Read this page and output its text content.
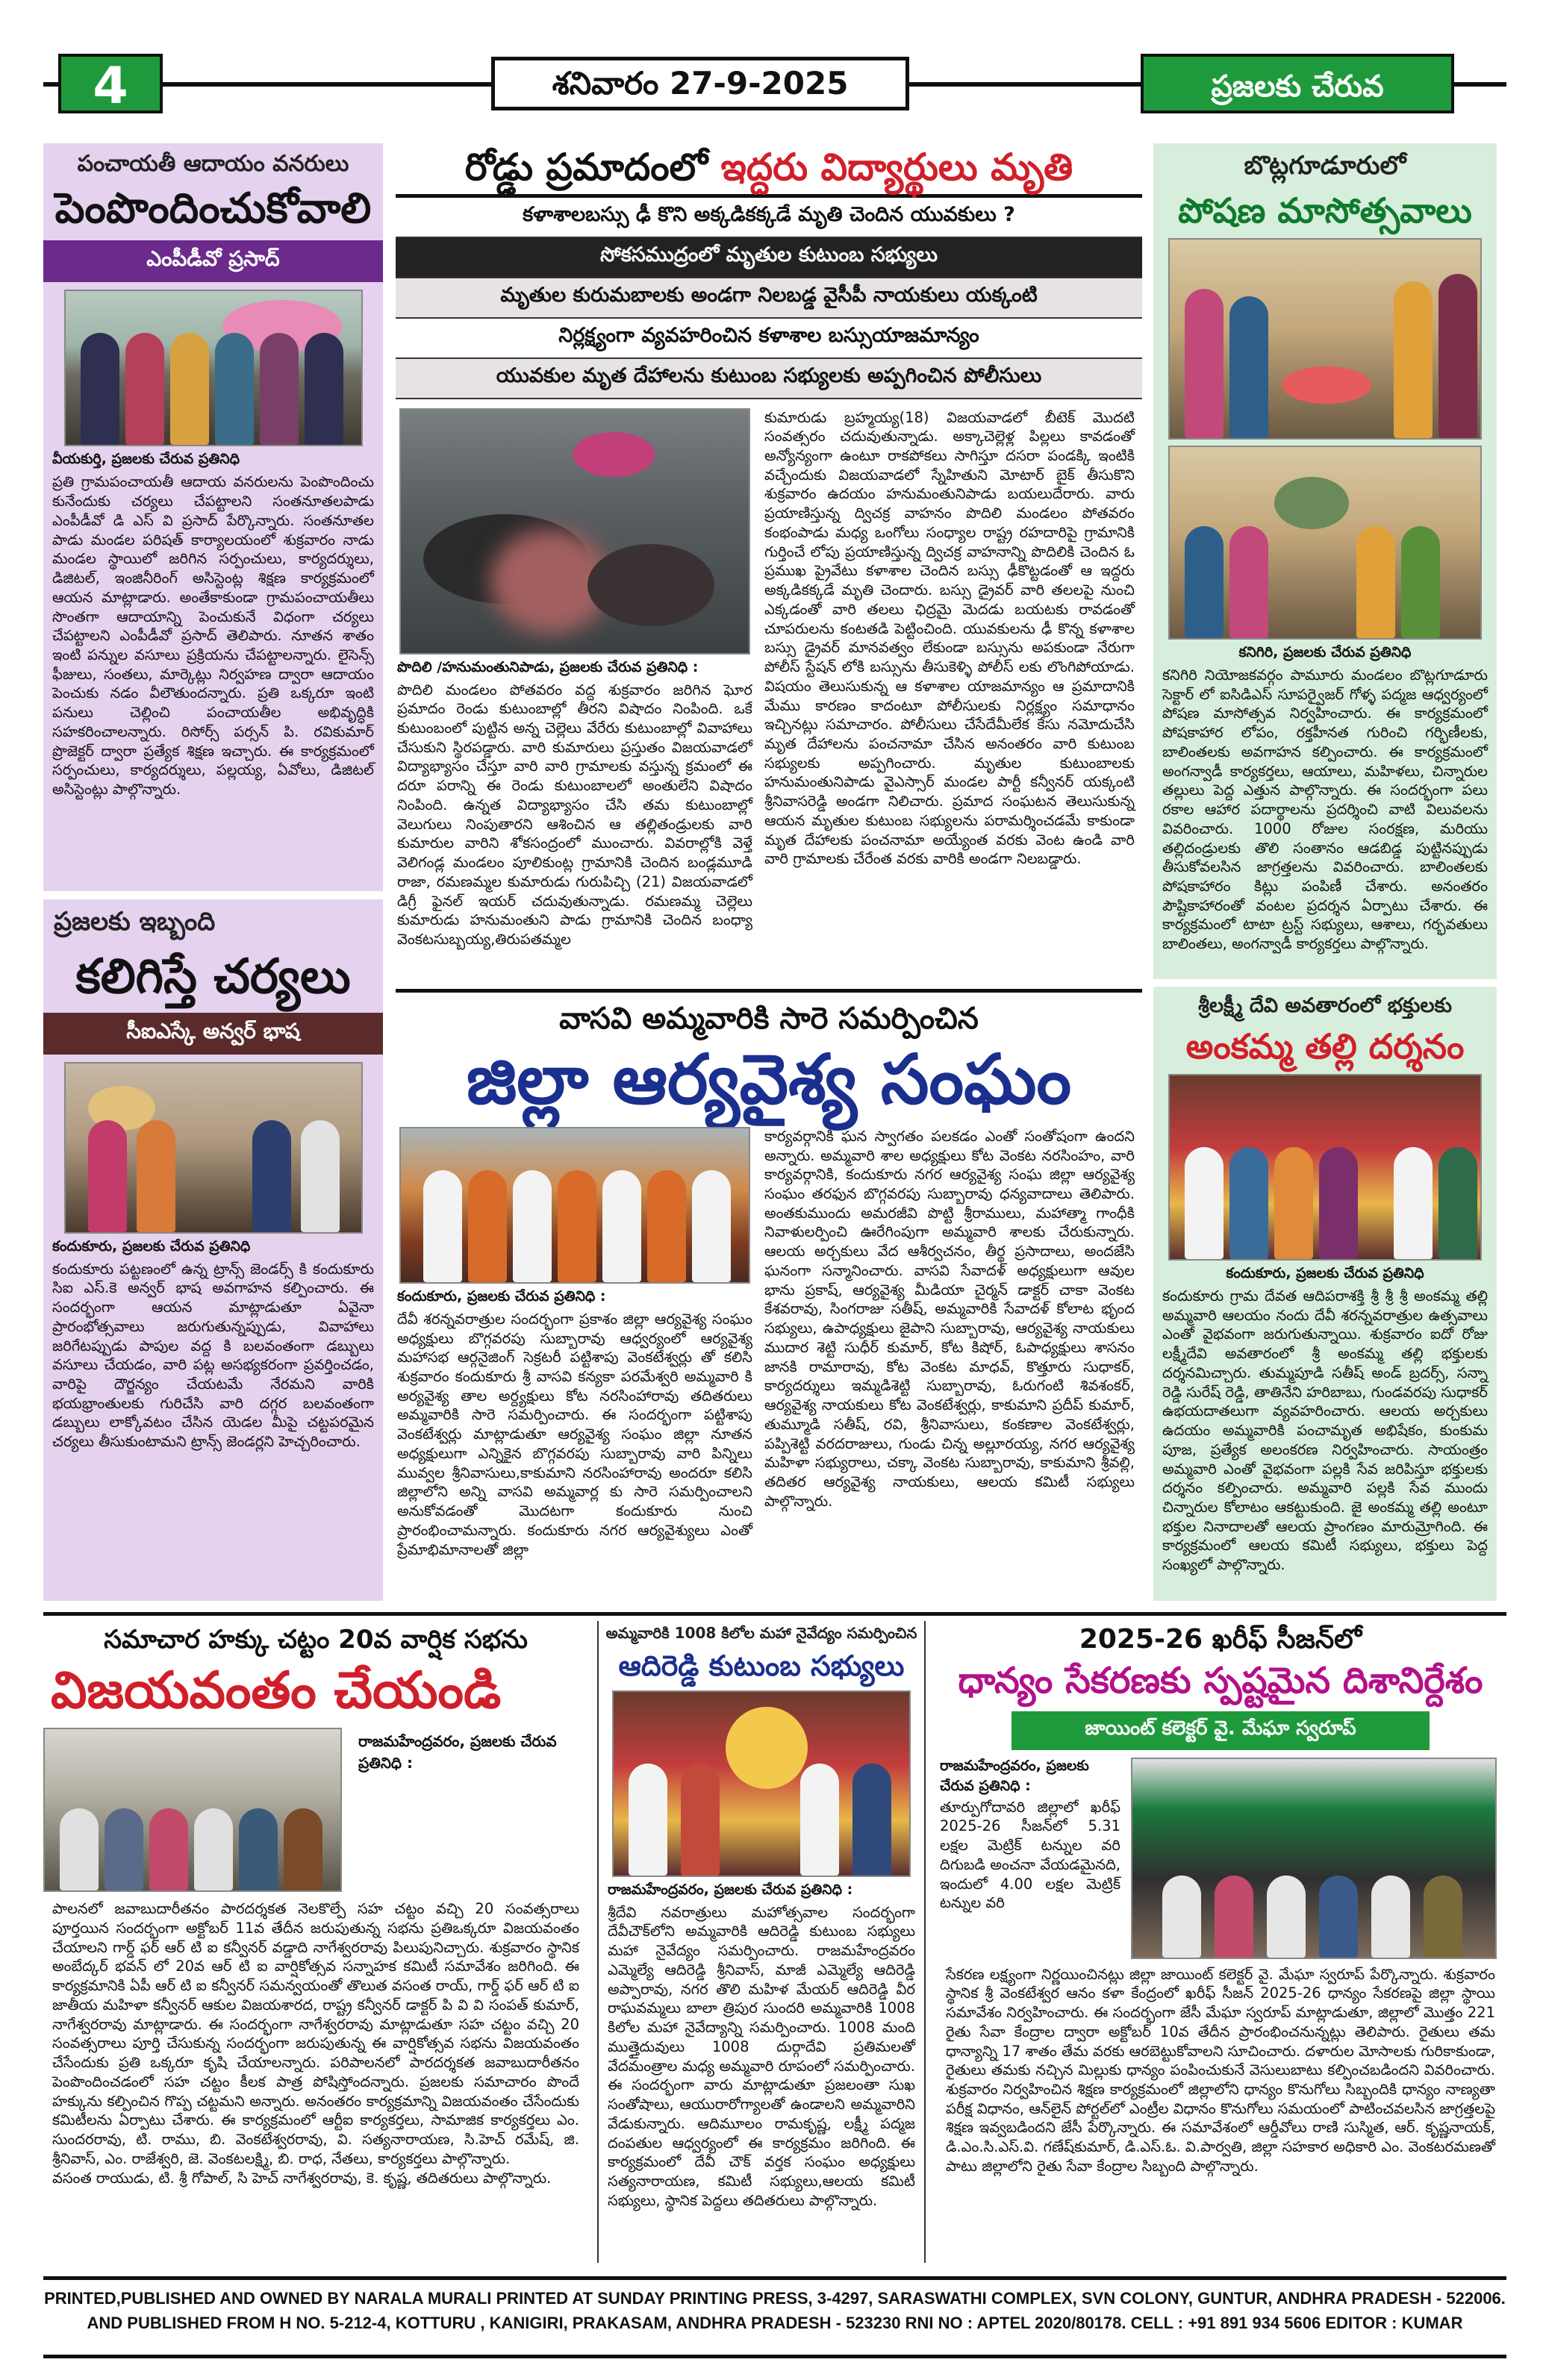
4	శనివారం 27-9-2025	ప్రజలకు చేరువ
పంచాయతీ ఆదాయం వనరులు
పెంపొందించుకోవాలి
ఎంపీడీవో ప్రసాద్
వీయకుర్తి, ప్రజలకు చేరువ ప్రతినిధి
ప్రతి గ్రామపంచాయతీ ఆదాయ వనరులను పెంపొందించు కునేందుకు చర్యలు చేపట్టాలని సంతనూతలపాడు ఎంపీడీవో డి ఎస్ వి ప్రసాద్ పేర్కొన్నారు. సంతనూతల పాడు మండల పరిషత్ కార్యాలయంలో శుక్రవారం నాడు మండల స్థాయిలో జరిగిన సర్పంచులు, కార్యదర్శులు, డిజిటల్, ఇంజినీరింగ్ అసిస్టెంట్ల శిక్షణ కార్యక్రమంలో ఆయన మాట్లాడారు. అంతేకాకుండా గ్రామపంచాయతీలు సొంతగా ఆదాయాన్ని పెంచుకునే విధంగా చర్యలు చేపట్టాలని ఎంపీడీవో ప్రసాద్ తెలిపారు. నూతన శాతం ఇంటి పన్నుల వసూలు ప్రక్రియను చేపట్టాలన్నారు. లైసెన్స్ ఫీజులు, సంతలు, మార్కెట్లు నిర్వహణ ద్వారా ఆదాయం పెంచుకు నడం వీలౌతుందన్నారు. ప్రతి ఒక్కరూ ఇంటి పనులు చెల్లించి పంచాయతీల అభివృద్ధికి సహకరించాలన్నారు. రిసోర్స్ పర్సన్ పి. రవికుమార్ ప్రొజెక్టర్ ద్వారా ప్రత్యేక శిక్షణ ఇచ్చారు. ఈ కార్యక్రమంలో సర్పంచులు, కార్యదర్శులు, పల్లయ్య, ఏవోలు, డిజిటల్ అసిస్టెంట్లు పాల్గొన్నారు.
ప్రజలకు ఇబ్బంది
కలిగిస్తే చర్యలు
సీఐఎస్కే అన్వర్ భాష
కందుకూరు, ప్రజలకు చేరువ ప్రతినిధి
కందుకూరు పట్టణంలో ఉన్న ట్రాన్స్ జెండర్స్ కి కందుకూరు సిఐ ఎస్.కె అన్వర్ భాష అవగాహన కల్పించారు. ఈ సందర్భంగా ఆయన మాట్లాడుతూ ఏవైనా ప్రారంభోత్సవాలు జరుగుతున్నప్పుడు, వివాహాలు జరిగేటప్పుడు పాపుల వద్ద కి బలవంతంగా డబ్బులు వసూలు చేయడం, వారి పట్ల అసభ్యకరంగా ప్రవర్తించడం, వారిపై దౌర్జన్యం చేయటమే నేరమని వారికి భయభ్రాంతులకు గురిచేసి వారి దగ్గర బలవంతంగా డబ్బులు లాక్కోవటం చేసిన యెడల మీపై చట్టపరమైన చర్యలు తీసుకుంటామని ట్రాన్స్ జెండర్లని హెచ్చరించారు.
రోడ్డు ప్రమాదంలో ఇద్దరు విద్యార్థులు మృతి
కళాశాలబస్సు ఢీ కొని అక్కడికక్కడే మృతి చెందిన యువకులు ?
సోకసముద్రంలో మృతుల కుటుంబ సభ్యులు
మృతుల కురుమబాలకు అండగా నిలబడ్డ వైసీపీ నాయకులు యక్కంటి
నిర్లక్ష్యంగా వ్యవహరించిన కళాశాల బస్సుయాజమాన్యం
యువకుల మృత దేహాలను కుటుంబ సభ్యులకు అప్పగించిన పోలీసులు
పొదిలి /హనుమంతునిపాడు, ప్రజలకు చేరువ ప్రతినిధి :
పొదిలి మండలం పోతవరం వద్ద శుక్రవారం జరిగిన ఘోర ప్రమాదం రెండు కుటుంబాల్లో తీరని విషాదం నింపింది. ఒకే కుటుంబంలో పుట్టిన అన్న చెల్లెలు వేరేరు కుటుంబాల్లో వివాహాలు చేసుకుని స్థిరపడ్డారు. వారి కుమారులు ప్రస్తుతం విజయవాడలో విద్యాభ్యాసం చేస్తూ వారి వారి గ్రామాలకు వస్తున్న క్రమంలో ఈ దరూ పరాన్ని ఈ రెండు కుటుంబాలలో అంతులేని విషాదం నింపింది. ఉన్నత విద్యాభ్యాసం చేసి తమ కుటుంబాల్లో వెలుగులు నింపుతారని ఆశించిన ఆ తల్లితండ్రులకు వారి కుమారుల వారిని శోకసంద్రంలో ముంచారు. వివరాల్లోకి వెళ్తే వెలిగండ్ల మండలం పూలికుంట్ల గ్రామానికి చెందిన బండ్లమూడి రాజా, రమణమ్మల కుమారుడు గురుపిచ్చి (21) విజయవాడలో డిగ్రీ ఫైనల్ ఇయర్ చదువుతున్నాడు. రమణమ్మ చెల్లెలు కుమారుడు హనుమంతుని పాడు గ్రామానికి చెందిన బంధ్యా వెంకటసుబ్బయ్య,తిరుపతమ్మల
కుమారుడు బ్రహ్మయ్య(18) విజయవాడలో బీటెక్ మొదటి సంవత్సరం చదువుతున్నాడు. అక్కాచెల్లెళ్ల పిల్లలు కావడంతో అన్యోన్యంగా ఉంటూ రాకపోకలు సాగిస్తూ దసరా పండక్కి ఇంటికి వచ్చేందుకు విజయవాడలో స్నేహితుని మోటార్ బైక్ తీసుకొని శుక్రవారం ఉదయం హనుమంతునిపాడు బయలుదేరారు. వారు ప్రయాణిస్తున్న ద్విచక్ర వాహనం పొదిలి మండలం పోతవరం కంభంపాడు మధ్య ఒంగోలు సంధ్యాల రాష్ట్ర రహదారిపై గ్రామానికి గుర్తించే లోపు ప్రయాణిస్తున్న ద్విచక్ర వాహనాన్ని పొదిలికి చెందిన ఓ ప్రముఖ ప్రైవేటు కళాశాల చెందిన బస్సు ఢీకొట్టడంతో ఆ ఇద్దరు అక్కడికక్కడే మృతి చెందారు. బస్సు డ్రైవర్ వారి తలలపై నుంచి ఎక్కడంతో వారి తలలు ఛిద్రమై మెదడు బయటకు రావడంతో చూపరులను కంటతడి పెట్టించింది. యువకులను ఢీ కొన్న కళాశాల బస్సు డ్రైవర్ మానవత్వం లేకుండా బస్సును అపకుండా నేరుగా పోలీస్ స్టేషన్ లోకి బస్సును తీసుకెళ్ళి పోలీస్ లకు లొంగిపోయాడు. విషయం తెలుసుకున్న ఆ కళాశాల యాజమాన్యం ఆ ప్రమాదానికి మేము కారణం కాదంటూ పోలీసులకు నిర్లక్ష్యం సమాధానం ఇచ్చినట్లు సమాచారం. పోలీసులు చేసేదేమీలేక కేసు నమోదుచేసి మృత దేహాలను పంచనామా చేసిన అనంతరం వారి కుటుంబ సభ్యులకు అప్పగించారు. మృతుల కుటుంబాలకు హనుమంతునిపాడు వైఎస్సార్ మండల పార్టీ కన్వీనర్ యక్కంటి శ్రీనివాసరెడ్డి అండగా నిలిచారు. ప్రమాద సంఘటన తెలుసుకున్న ఆయన మృతుల కుటుంబ సభ్యులను పరామర్శించడమే కాకుండా మృత దేహాలకు పంచనామా అయ్యేంత వరకు వెంట ఉండి వారి వారి గ్రామాలకు చేరేంత వరకు వారికి అండగా నిలబడ్డారు.
వాసవి అమ్మవారికి సారె సమర్పించిన
జిల్లా ఆర్యవైశ్య సంఘం
కందుకూరు, ప్రజలకు చేరువ ప్రతినిధి :
దేవీ శరన్నవరాత్రుల సందర్భంగా ప్రకాశం జిల్లా ఆర్యవైశ్య సంఘం అధ్యక్షులు బొగ్గవరపు సుబ్బారావు ఆధ్వర్యంలో ఆర్యవైశ్య మహాసభ ఆర్గనైజింగ్ సెక్రటరీ పట్టిశాపు వెంకటేశ్వర్లు తో కలిసి శుక్రవారం కందుకూరు శ్రీ వాసవి కన్యకా పరమేశ్వరి అమ్మవారి కి అర్యవైశ్య తాల అర్ద్యక్షులు కోట నరసింహారావు తదితరులు అమ్మవారికి సారె సమర్పించారు. ఈ సందర్భంగా పట్టిశాపు వెంకటేశ్వర్లు మాట్లాడుతూ ఆర్యవైశ్య సంఘం జిల్లా నూతన అధ్యక్షులుగా ఎన్నికైన బొగ్గవరపు సుబ్బారావు వారి పిన్నిలు మువ్వల శ్రీనివాసులు,కాకుమాని నరసింహారావు అందరూ కలిసి జిల్లాలోని అన్ని వాసవి అమ్మవార్ల కు సారె సమర్పించాలని అనుకోవడంతో మొదటగా కందుకూరు నుంచి ప్రారంభించామన్నారు. కందుకూరు నగర ఆర్యవైశ్యులు ఎంతో ప్రేమాభిమానాలతో జిల్లా
కార్యవర్గానికి ఘన స్వాగతం పలకడం ఎంతో సంతోషంగా ఉందని అన్నారు. అమ్మవారి శాల అధ్యక్షులు కోట వెంకట నరసింహం, వారి కార్యవర్గానికి, కందుకూరు నగర ఆర్యవైశ్య సంఘ జిల్లా ఆర్యవైశ్య సంఘం తరఫున బొగ్గవరపు సుబ్బారావు ధన్యవాదాలు తెలిపారు. అంతకుముందు అమరజీవి పొట్టి శ్రీరాములు, మహాత్మా గాంధీకి నివాళులర్పించి ఊరేగింపుగా అమ్మవారి శాలకు చేరుకున్నారు. ఆలయ అర్చకులు వేద ఆశీర్వచనం, తీర్థ ప్రసాదాలు, అందజేసి ఘనంగా సన్మానించారు. వాసవి సేవాదళ్ అధ్యక్షులుగా ఆవుల భాను ప్రకాష్, ఆర్యవైశ్య మీడియా చైర్మన్ డాక్టర్ చాకా వెంకట కేశవరావు, సింగరాజు సతీష్, అమ్మవారికి సేవాదళ్ కోలాట భృంద సభ్యులు, ఉపాధ్యక్షులు జైపాని సుబ్బారావు, ఆర్యవైశ్య నాయకులు ముదార శెట్టి సుధీర్ కుమార్, కోట కిషోర్, ఓపాధ్యక్షులు శాసనం జానకి రామారావు, కోట వెంకట మాధవ్, కొత్తూరు సుధాకర్, కార్యదర్శులు ఇమ్మడిశెట్టి సుబ్బారావు, ఓరుగంటి శివశంకర్, ఆర్యవైశ్య నాయకులు కోట వెంకటేశ్వర్లు, కాకుమాని ప్రదీప్ కుమార్, తుమ్మూడి సతీష్, రవి, శ్రీనివాసులు, కంకణాల వెంకటేశ్వర్లు, పప్పిశెట్టి వరదరాజులు, గుండు చిన్న అల్లూరయ్య, నగర ఆర్యవైశ్య మహిళా సభ్యురాలు, చక్కా వెంకట సుబ్బారావు, కాకుమాని శ్రీవల్లి, తదితర ఆర్యవైశ్య నాయకులు, ఆలయ కమిటీ సభ్యులు పాల్గొన్నారు.
బొట్లగూడూరులో
పోషణ మాసోత్సవాలు
కనిగిరి, ప్రజలకు చేరువ ప్రతినిధి
కనిగిరి నియోజకవర్గం పామూరు మండలం బొట్లగూడూరు సెక్టార్ లో ఐసిడిఎస్ సూపర్వైజర్ గోళ్ళ పద్మజ ఆధ్వర్యంలో పోషణ మాసోత్సవ నిర్వహించారు. ఈ కార్యక్రమంలో పోషకాహార లోపం, రక్తహీనత గురించి గర్భిణీలకు, బాలింతలకు అవగాహన కల్పించారు. ఈ కార్యక్రమంలో అంగన్వాడీ కార్యకర్తలు, ఆయాలు, మహిళలు, చిన్నారుల తల్లులు పెద్ద ఎత్తున పాల్గొన్నారు. ఈ సందర్భంగా పలు రకాల ఆహార పదార్థాలను ప్రదర్శించి వాటి విలువలను వివరించారు. 1000 రోజుల సంరక్షణ, మరియు తల్లిదండ్రులకు తొలి సంతానం ఆడబిడ్డ పుట్టినప్పుడు తీసుకోవలసిన జాగ్రత్తలను వివరించారు. బాలింతలకు పోషకాహారం కిట్లు పంపిణీ చేశారు. అనంతరం పౌష్టికాహారంతో వంటల ప్రదర్శన ఏర్పాటు చేశారు. ఈ కార్యక్రమంలో టాటా ట్రస్ట్ సభ్యులు, ఆశాలు, గర్భవతులు బాలింతలు, అంగన్వాడీ కార్యకర్తలు పాల్గొన్నారు.
శ్రీలక్ష్మీ దేవి అవతారంలో భక్తులకు
అంకమ్మ తల్లి దర్శనం
కందుకూరు, ప్రజలకు చేరువ ప్రతినిధి
కందుకూరు గ్రామ దేవత ఆదిపరాశక్తి శ్రీ శ్రీ శ్రీ అంకమ్మ తల్లి అమ్మవారి ఆలయం నందు దేవీ శరన్నవరాత్రుల ఉత్సవాలు ఎంతో వైభవంగా జరుగుతున్నాయి. శుక్రవారం ఐదో రోజు లక్ష్మీదేవి అవతారంలో శ్రీ అంకమ్మ తల్లి భక్తులకు దర్శనమిచ్చారు. తుమ్మపూడి సతీష్ అండ్ బ్రదర్స్, సన్నా రెడ్డి సురేష్ రెడ్డి, తాతినేని హరిబాబు, గుండవరపు సుధాకర్ ఉభయదాతలుగా వ్యవహరించారు. ఆలయ అర్చకులు ఉదయం అమ్మవారికి పంచామృత అభిషేకం, కుంకుమ పూజ, ప్రత్యేక అలంకరణ నిర్వహించారు. సాయంత్రం అమ్మవారి ఎంతో వైభవంగా పల్లకి సేవ జరిపిస్తూ భక్తులకు దర్శనం కల్పించారు. అమ్మవారి పల్లకి సేవ ముందు చిన్నారుల కోలాటం ఆకట్టుకుంది. జై అంకమ్మ తల్లి అంటూ భక్తుల నినాదాలతో ఆలయ ప్రాంగణం మారుమ్రోగింది. ఈ కార్యక్రమంలో ఆలయ కమిటీ సభ్యులు, భక్తులు పెద్ద సంఖ్యలో పాల్గొన్నారు.
సమాచార హక్కు చట్టం 20వ వార్షిక సభను
విజయవంతం చేయండి
రాజమహేంద్రవరం, ప్రజలకు చేరువ ప్రతినిధి :
పాలనలో జవాబుదారీతనం పారదర్శకత నెలకొల్పే సహ చట్టం వచ్చి 20 సంవత్సరాలు పూర్తయిన సందర్భంగా అక్టోబర్ 11వ తేదీన జరుపుతున్న సభను ప్రతిఒక్కరూ విజయవంతం చేయాలని గార్డ్ ఫర్ ఆర్ టి ఐ కన్వీనర్ వడ్డాది నాగేశ్వరరావు పిలుపునిచ్చారు. శుక్రవారం స్థానిక అంబేద్కర్ భవన్ లో 20వ ఆర్ టి ఐ వార్షికోత్సవ సన్నాహక కమిటీ సమావేశం జరిగింది. ఈ కార్యక్రమానికి ఏపీ ఆర్ టి ఐ కన్వీనర్ సమన్వయంతో తొలుత వసంత రాయ్, గార్డ్ ఫర్ ఆర్ టి ఐ జాతీయ మహిళా కన్వీనర్ ఆకుల విజయశారద, రాష్ట్ర కన్వీనర్ డాక్టర్ పి వి వి సంపత్ కుమార్, నాగేశ్వరరావు మాట్లాడారు. ఈ సందర్భంగా నాగేశ్వరరావు మాట్లాడుతూ సహ చట్టం వచ్చి 20 సంవత్సరాలు పూర్తి చేసుకున్న సందర్భంగా జరుపుతున్న ఈ వార్షికోత్సవ సభను విజయవంతం చేసేందుకు ప్రతి ఒక్కరూ కృషి చేయాలన్నారు. పరిపాలనలో పారదర్శకత జవాబుదారీతనం పెంపొందించడంలో సహ చట్టం కీలక పాత్ర పోషిస్తోందన్నారు. ప్రజలకు సమాచారం పొందే హక్కును కల్పించిన గొప్ప చట్టమని అన్నారు. అనంతరం కార్యక్రమాన్ని విజయవంతం చేసేందుకు కమిటీలను ఏర్పాటు చేశారు. ఈ కార్యక్రమంలో ఆర్టీఐ కార్యకర్తలు, సామాజిక కార్యకర్తలు ఎం. సుందరరావు, టి. రాము, బి. వెంకటేశ్వరరావు, వి. సత్యనారాయణ, సి.హెచ్ రమేష్, జి. శ్రీనివాస్, ఎం. రాజేశ్వరి, జె. వెంకటలక్ష్మి, బి. రాధ, నేతలు, కార్యకర్తలు పాల్గొన్నారు.
వసంత రాయుడు, టి. శ్రీ గోపాల్, సి హెచ్ నాగేశ్వరరావు, కె. కృష్ణ, తదితరులు పాల్గొన్నారు.
అమ్మవారికి 1008 కిలోల మహా నైవేద్యం సమర్పించిన
ఆదిరెడ్డి కుటుంబ సభ్యులు
రాజమహేంద్రవరం, ప్రజలకు చేరువ ప్రతినిధి :
శ్రీదేవి నవరాత్రులు మహోత్సవాల సందర్భంగా దేవీచౌక్‌లోని అమ్మవారికి ఆదిరెడ్డి కుటుంబ సభ్యులు మహా నైవేద్యం సమర్పించారు. రాజమహేంద్రవరం ఎమ్మెల్యే ఆదిరెడ్డి శ్రీనివాస్, మాజీ ఎమ్మెల్యే ఆదిరెడ్డి అప్పారావు, నగర తొలి మహిళ మేయర్ ఆదిరెడ్డి వీర రాఘవమ్మలు బాలా త్రిపుర సుందరి అమ్మవారికి 1008 కిలోల మహా నైవేద్యాన్ని సమర్పించారు. 1008 మంది ముత్తైదువులు 1008 దుర్గాదేవి ప్రతిమలతో వేదమంత్రాల మధ్య అమ్మవారి రూపంలో సమర్పించారు. ఈ సందర్భంగా వారు మాట్లాడుతూ ప్రజలంతా సుఖ సంతోషాలు, ఆయురారోగ్యాలతో ఉండాలని అమ్మవారిని వేడుకున్నారు. ఆదిమూలం రామకృష్ణ, లక్ష్మీ పద్మజ దంపతుల ఆధ్వర్యంలో ఈ కార్యక్రమం జరిగింది. ఈ కార్యక్రమంలో దేవీ చౌక్ వర్తక సంఘం అధ్యక్షులు సత్యనారాయణ, కమిటీ సభ్యులు,ఆలయ కమిటీ సభ్యులు, స్థానిక పెద్దలు తదితరులు పాల్గొన్నారు.
2025-26 ఖరీఫ్ సీజన్‌లో
ధాన్యం సేకరణకు స్పష్టమైన దిశానిర్దేశం
జాయింట్ కలెక్టర్ వై. మేఘా స్వరూప్
రాజమహేంద్రవరం, ప్రజలకు చేరువ ప్రతినిధి :
తూర్పుగోదావరి జిల్లాలో ఖరీఫ్ 2025-26 సీజన్‌లో 5.31 లక్షల మెట్రిక్ టన్నుల వరి దిగుబడి అంచనా వేయడమైనది, ఇందులో 4.00 లక్షల మెట్రిక్ టన్నుల వరి
సేకరణ లక్ష్యంగా నిర్ణయించినట్లు జిల్లా జాయింట్ కలెక్టర్ వై. మేఘా స్వరూప్ పేర్కొన్నారు. శుక్రవారం స్థానిక శ్రీ వెంకటేశ్వర ఆనం కళా కేంద్రంలో ఖరీఫ్ సీజన్ 2025-26 ధాన్యం సేకరణపై జిల్లా స్థాయి సమావేశం నిర్వహించారు. ఈ సందర్భంగా జేసీ మేఘా స్వరూప్ మాట్లాడుతూ, జిల్లాలో మొత్తం 221 రైతు సేవా కేంద్రాల ద్వారా అక్టోబర్ 10వ తేదీన ప్రారంభించనున్నట్లు తెలిపారు. రైతులు తమ ధాన్యాన్ని 17 శాతం తేమ వరకు ఆరబెట్టుకోవాలని సూచించారు. దళారుల మోసాలకు గురికాకుండా, రైతులు తమకు నచ్చిన మిల్లుకు ధాన్యం పంపించుకునే వెసులుబాటు కల్పించబడిందని వివరించారు. శుక్రవారం నిర్వహించిన శిక్షణ కార్యక్రమంలో జిల్లాలోని ధాన్యం కొనుగోలు సిబ్బందికి ధాన్యం నాణ్యతా పరీక్ష విధానం, ఆన్‌లైన్ పోర్టల్‌లో ఎంట్రీల విధానం కొనుగోలు సమయంలో పాటించవలసిన జాగ్రత్తలపై శిక్షణ ఇవ్వబడిందని జేసీ పేర్కొన్నారు. ఈ సమావేశంలో ఆర్డీవోలు రాణి సుస్మిత, ఆర్. కృష్ణనాయక్, డి.ఎం.సి.ఎస్.వి. గణేష్‌కుమార్, డి.ఎస్.ఓ. వి.పార్వతి, జిల్లా సహకార అధికారి ఎం. వెంకటరమణతో పాటు జిల్లాలోని రైతు సేవా కేంద్రాల సిబ్బంది పాల్గొన్నారు.

PRINTED,PUBLISHED AND OWNED BY NARALA MURALI PRINTED AT SUNDAY PRINTING PRESS, 3-4297, SARASWATHI COMPLEX, SVN COLONY, GUNTUR, ANDHRA PRADESH - 522006.

AND PUBLISHED FROM H NO. 5-212-4, KOTTURU , KANIGIRI, PRAKASAM, ANDHRA PRADESH - 523230 RNI NO : APTEL 2020/80178. CELL : +91 891 934 5606 EDITOR : KUMAR
